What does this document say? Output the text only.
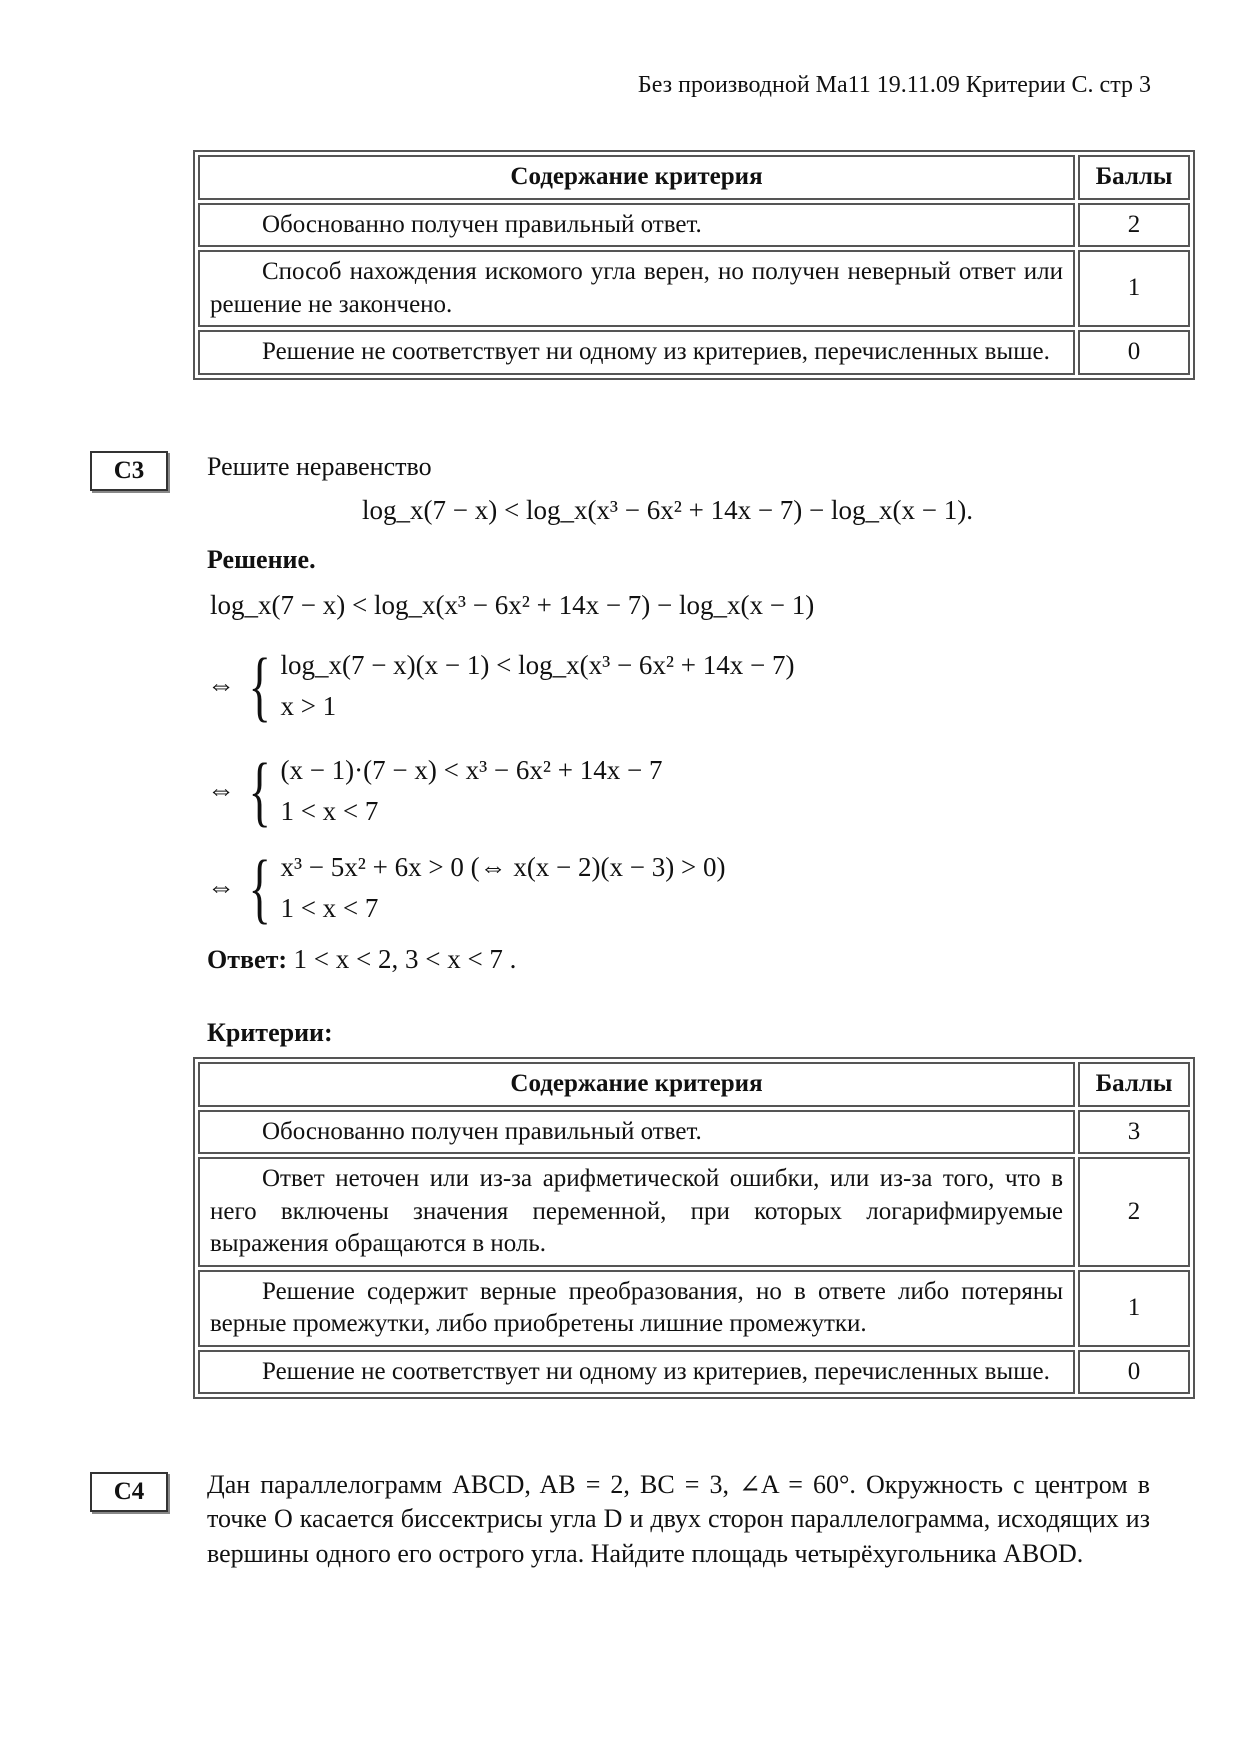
Без производной Ма11 19.11.09 Критерии С. стр 3
Содержание критерия	Баллы
Обоснованно получен правильный ответ.	2
Способ нахождения искомого угла верен, но получен неверный ответ или решение не закончено.	1
Решение не соответствует ни одному из критериев, перечисленных выше.	0
С3	Решите неравенство
log_x(7 − x) < log_x(x³ − 6x² + 14x − 7) − log_x(x − 1).
Решение.
log_x(7 − x) < log_x(x³ − 6x² + 14x − 7) − log_x(x − 1)
⇔ { log_x(7 − x)(x − 1) < log_x(x³ − 6x² + 14x − 7)
x > 1
⇔ { (x − 1)·(7 − x) < x³ − 6x² + 14x − 7
1 < x < 7
⇔ { x³ − 5x² + 6x > 0 (⇔ x(x − 2)(x − 3) > 0)
1 < x < 7
Ответ: 1 < x < 2, 3 < x < 7 .
Критерии:
Содержание критерия	Баллы
Обоснованно получен правильный ответ.	3
Ответ неточен или из-за арифметической ошибки, или из-за того, что в него включены значения переменной, при которых логарифмируемые выражения обращаются в ноль.	2
Решение содержит верные преобразования, но в ответе либо потеряны верные промежутки, либо приобретены лишние промежутки.	1
Решение не соответствует ни одному из критериев, перечисленных выше.	0
С4	Дан параллелограмм ABCD, AB = 2, BC = 3, ∠A = 60°. Окружность с центром в точке O касается биссектрисы угла D и двух сторон параллелограмма, исходящих из вершины одного его острого угла. Найдите площадь четырёхугольника ABOD.
